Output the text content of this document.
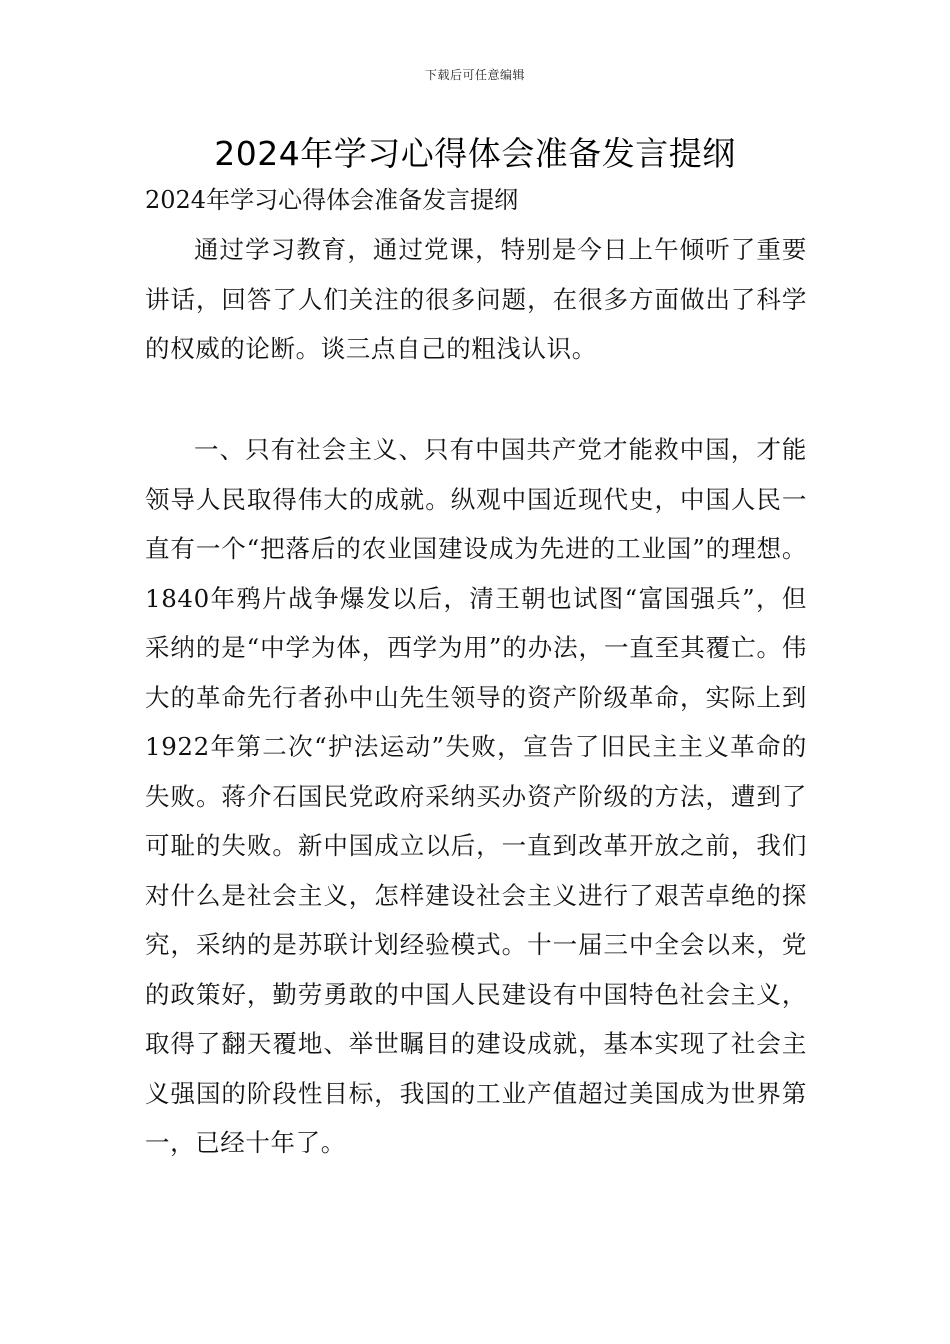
下载后可任意编辑
2024年学习心得体会准备发言提纲
2024年学习心得体会准备发言提纲

通过学习教育，通过党课，特别是今日上午倾听了重要讲话，回答了人们关注的很多问题，在很多方面做出了科学的权威的论断。谈三点自己的粗浅认识。

一、只有社会主义、只有中国共产党才能救中国，才能领导人民取得伟大的成就。纵观中国近现代史，中国人民一直有一个“把落后的农业国建设成为先进的工业国”的理想。1840年鸦片战争爆发以后，清王朝也试图“富国强兵”，但采纳的是“中学为体，西学为用”的办法，一直至其覆亡。伟大的革命先行者孙中山先生领导的资产阶级革命，实际上到1922年第二次“护法运动”失败，宣告了旧民主主义革命的失败。蒋介石国民党政府采纳买办资产阶级的方法，遭到了可耻的失败。新中国成立以后，一直到改革开放之前，我们对什么是社会主义，怎样建设社会主义进行了艰苦卓绝的探究，采纳的是苏联计划经验模式。十一届三中全会以来，党的政策好，勤劳勇敢的中国人民建设有中国特色社会主义，取得了翻天覆地、举世瞩目的建设成就，基本实现了社会主义强国的阶段性目标，我国的工业产值超过美国成为世界第一，已经十年了。
